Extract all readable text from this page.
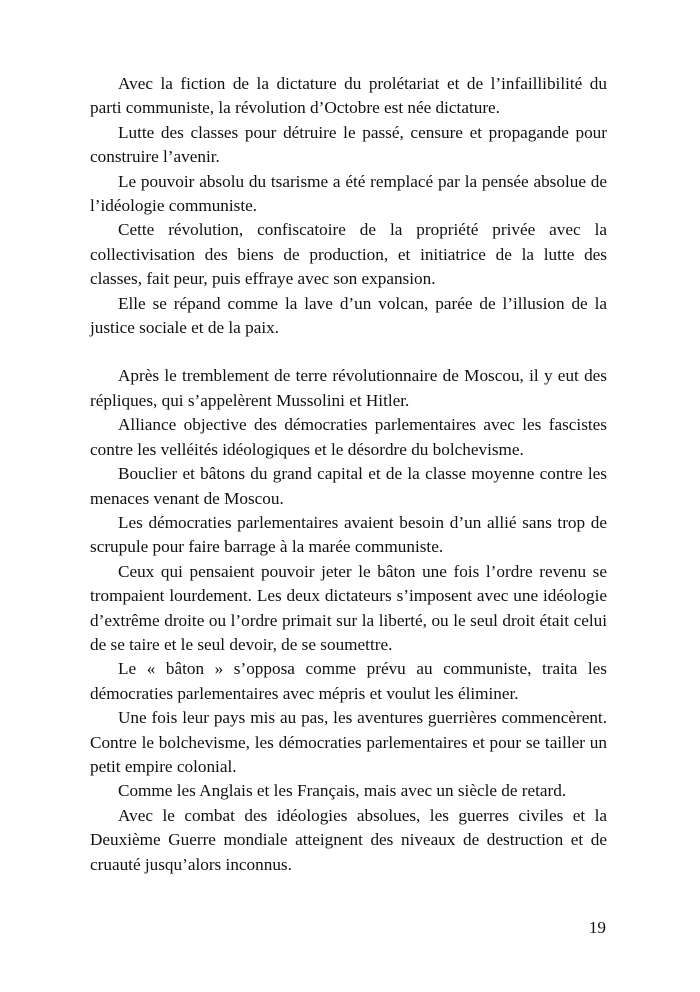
Avec la fiction de la dictature du prolétariat et de l’infaillibilité du parti communiste, la révolution d’Octobre est née dictature.

Lutte des classes pour détruire le passé, censure et propagande pour construire l’avenir.

Le pouvoir absolu du tsarisme a été remplacé par la pensée absolue de l’idéologie communiste.

Cette révolution, confiscatoire de la propriété privée avec la collectivisation des biens de production, et initiatrice de la lutte des classes, fait peur, puis effraye avec son expansion.

Elle se répand comme la lave d’un volcan, parée de l’illusion de la justice sociale et de la paix.

Après le tremblement de terre révolutionnaire de Moscou, il y eut des répliques, qui s’appelèrent Mussolini et Hitler.

Alliance objective des démocraties parlementaires avec les fascistes contre les velléités idéologiques et le désordre du bolchevisme.

Bouclier et bâtons du grand capital et de la classe moyenne contre les menaces venant de Moscou.

Les démocraties parlementaires avaient besoin d’un allié sans trop de scrupule pour faire barrage à la marée communiste.

Ceux qui pensaient pouvoir jeter le bâton une fois l’ordre revenu se trompaient lourdement. Les deux dictateurs s’imposent avec une idéologie d’extrême droite ou l’ordre primait sur la liberté, ou le seul droit était celui de se taire et le seul devoir, de se soumettre.

Le « bâton » s’opposa comme prévu au communiste, traita les démocraties parlementaires avec mépris et voulut les éliminer.

Une fois leur pays mis au pas, les aventures guerrières commencèrent. Contre le bolchevisme, les démocraties parlementaires et pour se tailler un petit empire colonial.

Comme les Anglais et les Français, mais avec un siècle de retard.

Avec le combat des idéologies absolues, les guerres civiles et la Deuxième Guerre mondiale atteignent des niveaux de destruction et de cruauté jusqu’alors inconnus.

19
